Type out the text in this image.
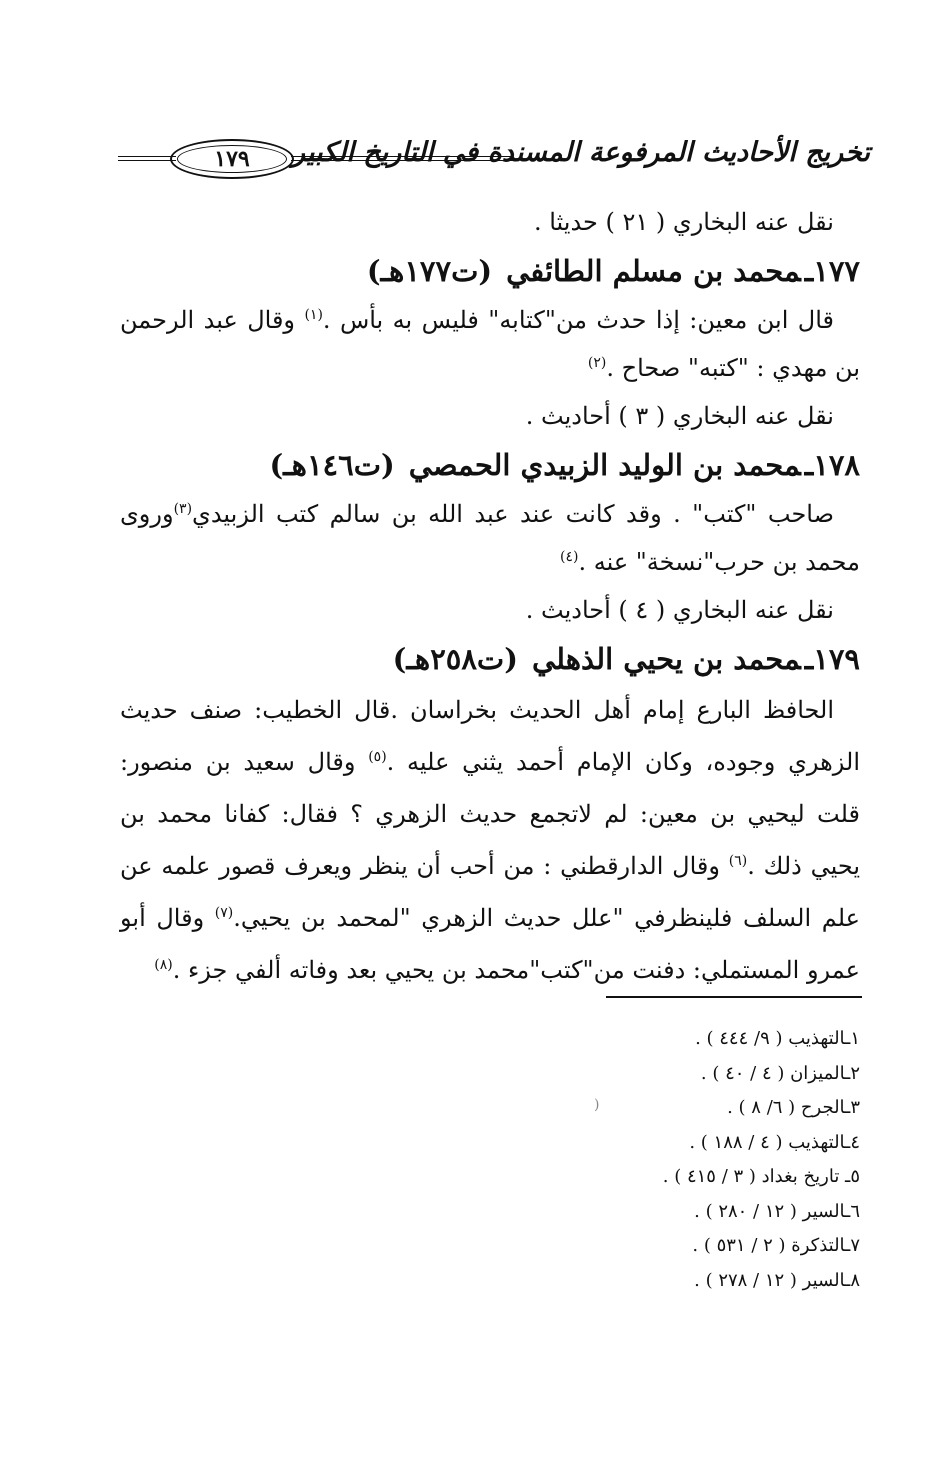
١٧٩	تخريج الأحاديث المرفوعة المسندة في التاريخ الكبير
نقل عنه البخاري ( ٢١ ) حديثا .
١٧٧ـمحمد بن مسلم الطائفي(ت١٧٧هـ)
قال ابن معين: إذا حدث من"كتابه" فليس به بأس .$^{(١)}$ وقال عبد الرحمن
بن مهدي : "كتبه" صحاح .$^{(٢)}$
نقل عنه البخاري ( ٣ ) أحاديث .
١٧٨ـمحمد بن الوليد الزبيدي الحمصي(ت١٤٦هـ)
صاحب "كتب" . وقد كانت عند عبد الله بن سالم كتب الزبيدي$^{(٣)}$وروى
محمد بن حرب"نسخة" عنه .$^{(٤)}$
نقل عنه البخاري ( ٤ ) أحاديث .
١٧٩ـمحمد بن يحيي الذهلي(ت٢٥٨هـ)
الحافظ البارع إمام أهل الحديث بخراسان .قال الخطيب: صنف حديث
الزهري وجوده، وكان الإمام أحمد يثني عليه .$^{(٥)}$ وقال سعيد بن منصور:
قلت ليحيي بن معين: لم لاتجمع حديث الزهري ؟ فقال: كفانا محمد بن
يحيي ذلك .$^{(٦)}$ وقال الدارقطني : من أحب أن ينظر ويعرف قصور علمه عن
علم السلف فلينظرفي "علل حديث الزهري "لمحمد بن يحيي.$^{(٧)}$ وقال أبو
عمرو المستملي: دفنت من"كتب"محمد بن يحيي بعد وفاته ألفي جزء .$^{(٨)}$
١ـالتهذيب ( ٩/ ٤٤٤ ) .
٢ـالميزان ( ٤ / ٤٠ ) .
٣ـالجرح ( ٦/ ٨ ) .
٤ـالتهذيب ( ٤ / ١٨٨ ) .
٥ـ تاريخ بغداد ( ٣ / ٤١٥ ) .
٦ـالسير ( ١٢ / ٢٨٠ ) .
٧ـالتذكرة ( ٢ / ٥٣١ ) .
٨ـالسير ( ١٢ / ٢٧٨ ) .
(
